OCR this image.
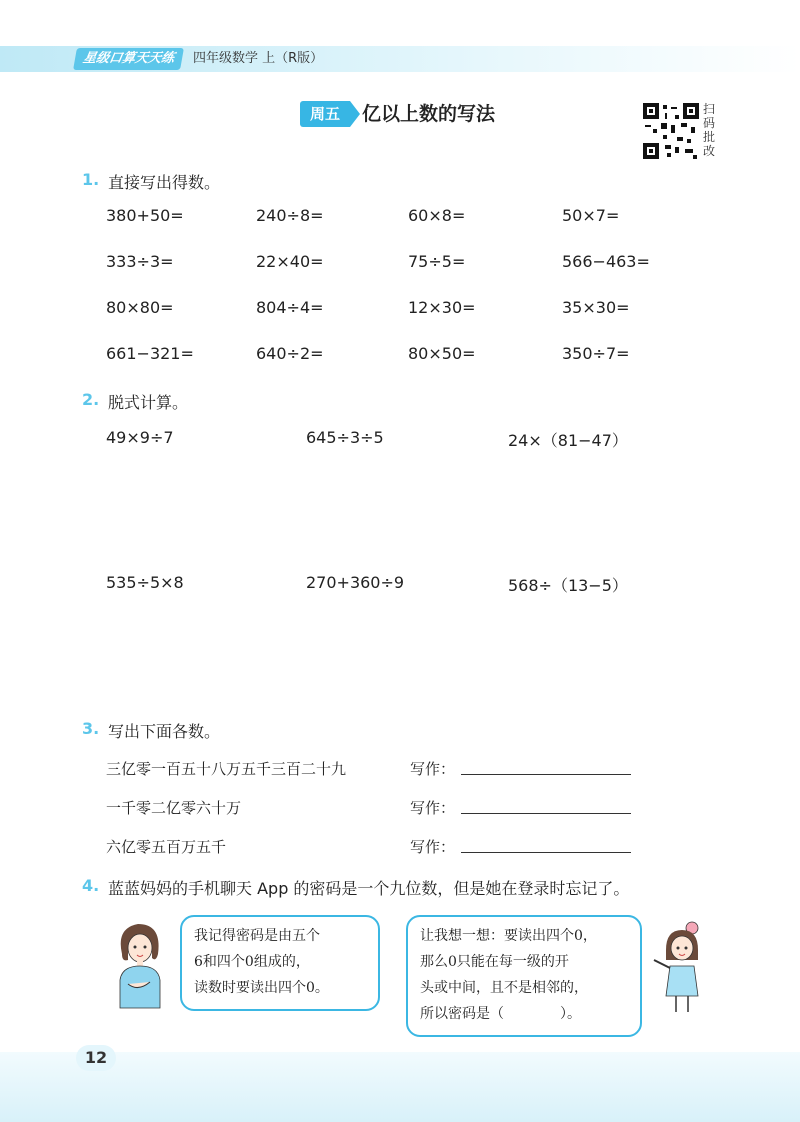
星级口算天天练	四年级数学 上（R版）
周五	亿以上数的写法	扫码批改
1. 直接写出得数。
380+50=	240÷8=	60×8=	50×7=
333÷3=	22×40=	75÷5=	566−463=
80×80=	804÷4=	12×30=	35×30=
661−321=	640÷2=	80×50=	350÷7=
2. 脱式计算。
49×9÷7	645÷3÷5	24×（81−47）
535÷5×8	270+360÷9	568÷（13−5）
3. 写出下面各数。
三亿零一百五十八万五千三百二十九	写作：
一千零二亿零六十万	写作：
六亿零五百万五千	写作：
4. 蓝蓝妈妈的手机聊天 App 的密码是一个九位数，但是她在登录时忘记了。
我记得密码是由五个
6和四个0组成的，
读数时要读出四个0。
让我想一想：要读出四个0，
那么0只能在每一级的开
头或中间，且不是相邻的，
所以密码是（　　　　）。
12
